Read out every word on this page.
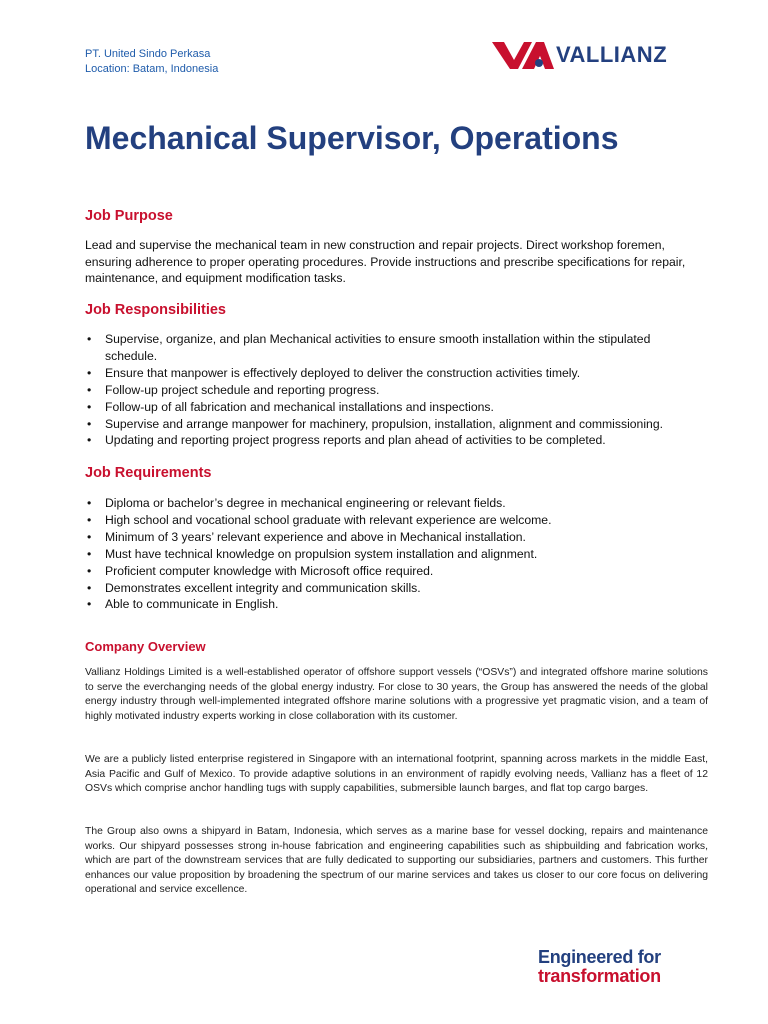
PT. United Sindo Perkasa
Location: Batam, Indonesia
VALLIANZ
Mechanical Supervisor, Operations
Job Purpose

Lead and supervise the mechanical team in new construction and repair projects. Direct workshop foremen, ensuring adherence to proper operating procedures. Provide instructions and prescribe specifications for repair, maintenance, and equipment modification tasks.

Job Responsibilities
• Supervise, organize, and plan Mechanical activities to ensure smooth installation within the stipulated schedule.
• Ensure that manpower is effectively deployed to deliver the construction activities timely.
• Follow-up project schedule and reporting progress.
• Follow-up of all fabrication and mechanical installations and inspections.
• Supervise and arrange manpower for machinery, propulsion, installation, alignment and commissioning.
• Updating and reporting project progress reports and plan ahead of activities to be completed.
Job Requirements
• Diploma or bachelor’s degree in mechanical engineering or relevant fields.
• High school and vocational school graduate with relevant experience are welcome.
• Minimum of 3 years’ relevant experience and above in Mechanical installation.
• Must have technical knowledge on propulsion system installation and alignment.
• Proficient computer knowledge with Microsoft office required.
• Demonstrates excellent integrity and communication skills.
• Able to communicate in English.
Company Overview

Vallianz Holdings Limited is a well-established operator of offshore support vessels (“OSVs”) and integrated offshore marine solutions to serve the everchanging needs of the global energy industry. For close to 30 years, the Group has answered the needs of the global energy industry through well-implemented integrated offshore marine solutions with a progressive yet pragmatic vision, and a team of highly motivated industry experts working in close collaboration with its customer.

We are a publicly listed enterprise registered in Singapore with an international footprint, spanning across markets in the middle East, Asia Pacific and Gulf of Mexico. To provide adaptive solutions in an environment of rapidly evolving needs, Vallianz has a fleet of 12 OSVs which comprise anchor handling tugs with supply capabilities, submersible launch barges, and flat top cargo barges.

The Group also owns a shipyard in Batam, Indonesia, which serves as a marine base for vessel docking, repairs and maintenance works. Our shipyard possesses strong in-house fabrication and engineering capabilities such as shipbuilding and fabrication works, which are part of the downstream services that are fully dedicated to supporting our subsidiaries, partners and customers. This further enhances our value proposition by broadening the spectrum of our marine services and takes us closer to our core focus on delivering operational and service excellence.

Engineered for
transformation
